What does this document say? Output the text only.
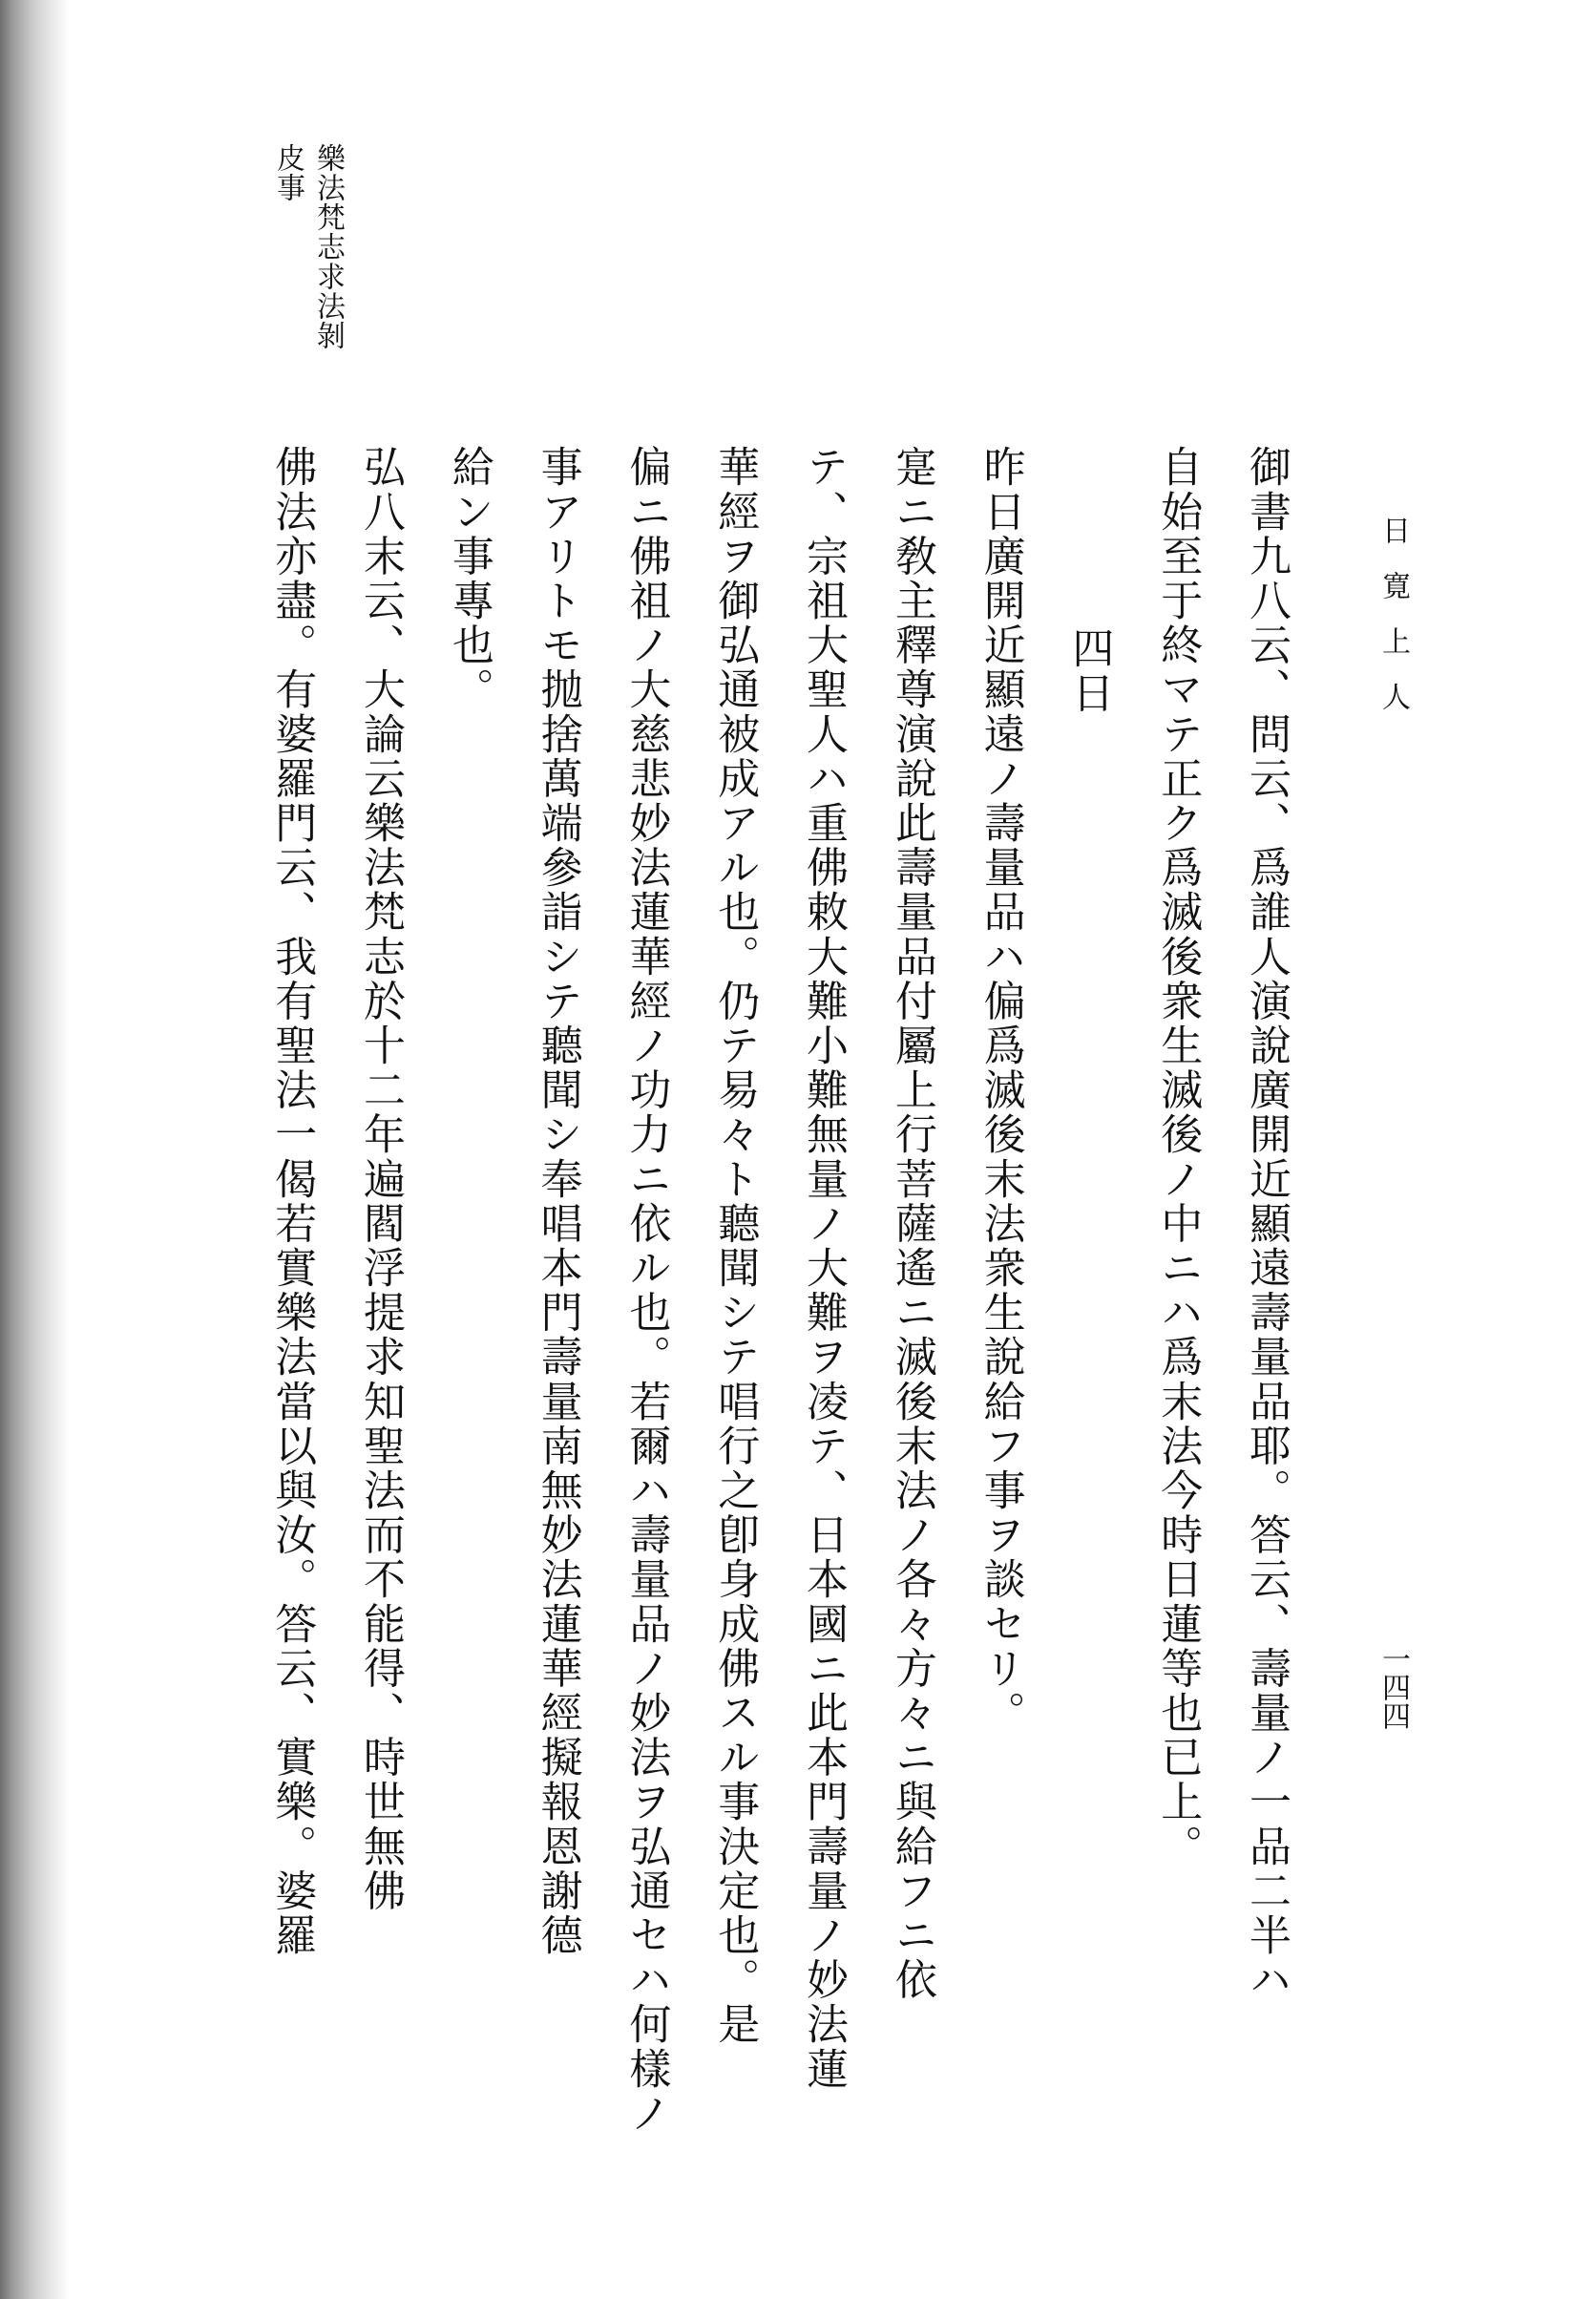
日寛上人
一四四
御書九八云、問云、爲誰人演說廣開近顯遠壽量品耶。答云、壽量ノ一品二半ハ
自始至于終マテ正ク爲滅後衆生滅後ノ中ニハ爲末法今時日蓮等也已上。
四日
昨日廣開近顯遠ノ壽量品ハ偏爲滅後末法衆生說給フ事ヲ談セリ。
寔ニ敎主釋尊演說此壽量品付屬上行菩薩遙ニ滅後末法ノ各々方々ニ與給フニ依
テ、宗祖大聖人ハ重佛敕大難小難無量ノ大難ヲ凌テ、日本國ニ此本門壽量ノ妙法蓮
華經ヲ御弘通被成アル也。仍テ易々ト聽聞シテ唱行之卽身成佛スル事決定也。是
偏ニ佛祖ノ大慈悲妙法蓮華經ノ功力ニ依ル也。若爾ハ壽量品ノ妙法ヲ弘通セハ何樣ノ
事アリトモ抛捨萬端參詣シテ聽聞シ奉唱本門壽量南無妙法蓮華經擬報恩謝德
給ン事專也。
弘八末云、大論云樂法梵志於十二年遍閻浮提求知聖法而不能得、時世無佛
佛法亦盡。有婆羅門云、我有聖法一偈若實樂法當以與汝。答云、實樂。婆羅
樂法梵志求法剝
皮事
